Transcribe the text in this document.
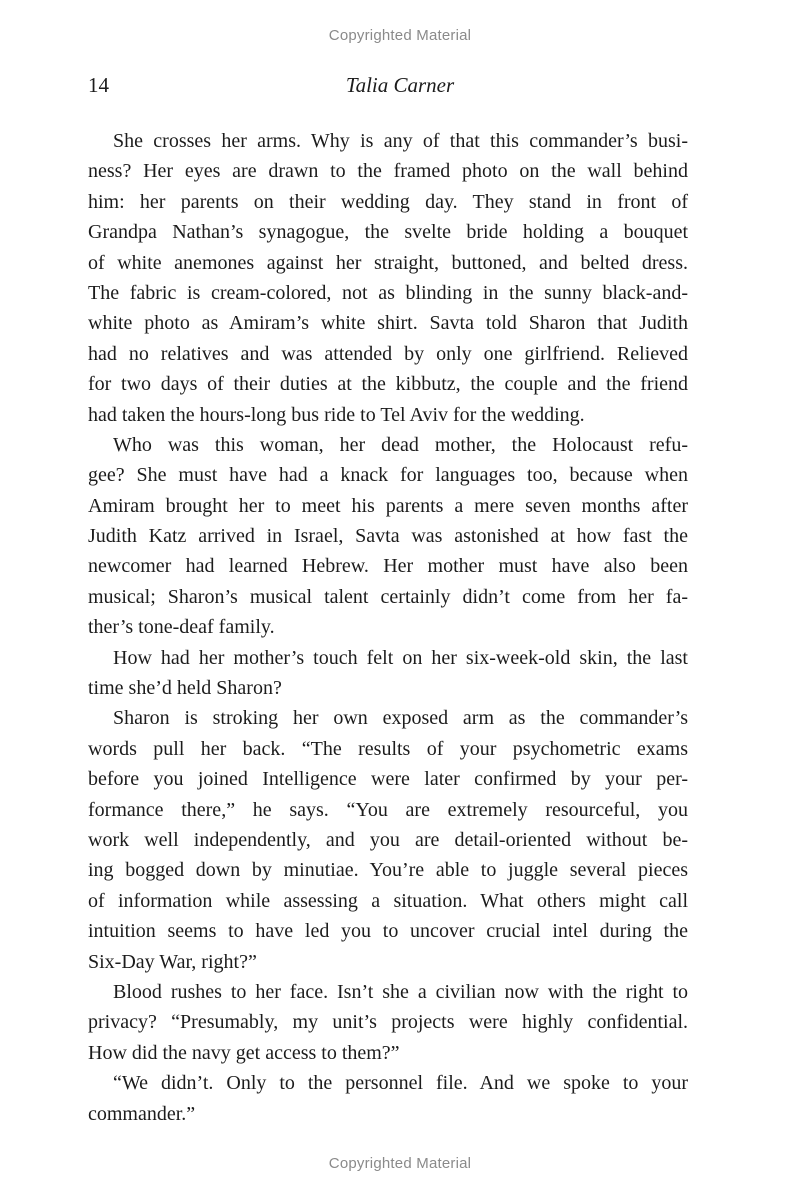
Copyrighted Material
14	Talia Carner
She crosses her arms. Why is any of that this commander’s busi-
ness? Her eyes are drawn to the framed photo on the wall behind
him: her parents on their wedding day. They stand in front of
Grandpa Nathan’s synagogue, the svelte bride holding a bouquet
of white anemones against her straight, buttoned, and belted dress.
The fabric is cream-colored, not as blinding in the sunny black-and-
white photo as Amiram’s white shirt. Savta told Sharon that Judith
had no relatives and was attended by only one girlfriend. Relieved
for two days of their duties at the kibbutz, the couple and the friend
had taken the hours-long bus ride to Tel Aviv for the wedding.
Who was this woman, her dead mother, the Holocaust refu-
gee? She must have had a knack for languages too, because when
Amiram brought her to meet his parents a mere seven months after
Judith Katz arrived in Israel, Savta was astonished at how fast the
newcomer had learned Hebrew. Her mother must have also been
musical; Sharon’s musical talent certainly didn’t come from her fa-
ther’s tone-deaf family.
How had her mother’s touch felt on her six-week-old skin, the last
time she’d held Sharon?
Sharon is stroking her own exposed arm as the commander’s
words pull her back. “The results of your psychometric exams
before you joined Intelligence were later confirmed by your per-
formance there,” he says. “You are extremely resourceful, you
work well independently, and you are detail-oriented without be-
ing bogged down by minutiae. You’re able to juggle several pieces
of information while assessing a situation. What others might call
intuition seems to have led you to uncover crucial intel during the
Six-Day War, right?”
Blood rushes to her face. Isn’t she a civilian now with the right to
privacy? “Presumably, my unit’s projects were highly confidential.
How did the navy get access to them?”
“We didn’t. Only to the personnel file. And we spoke to your
commander.”
Copyrighted Material
